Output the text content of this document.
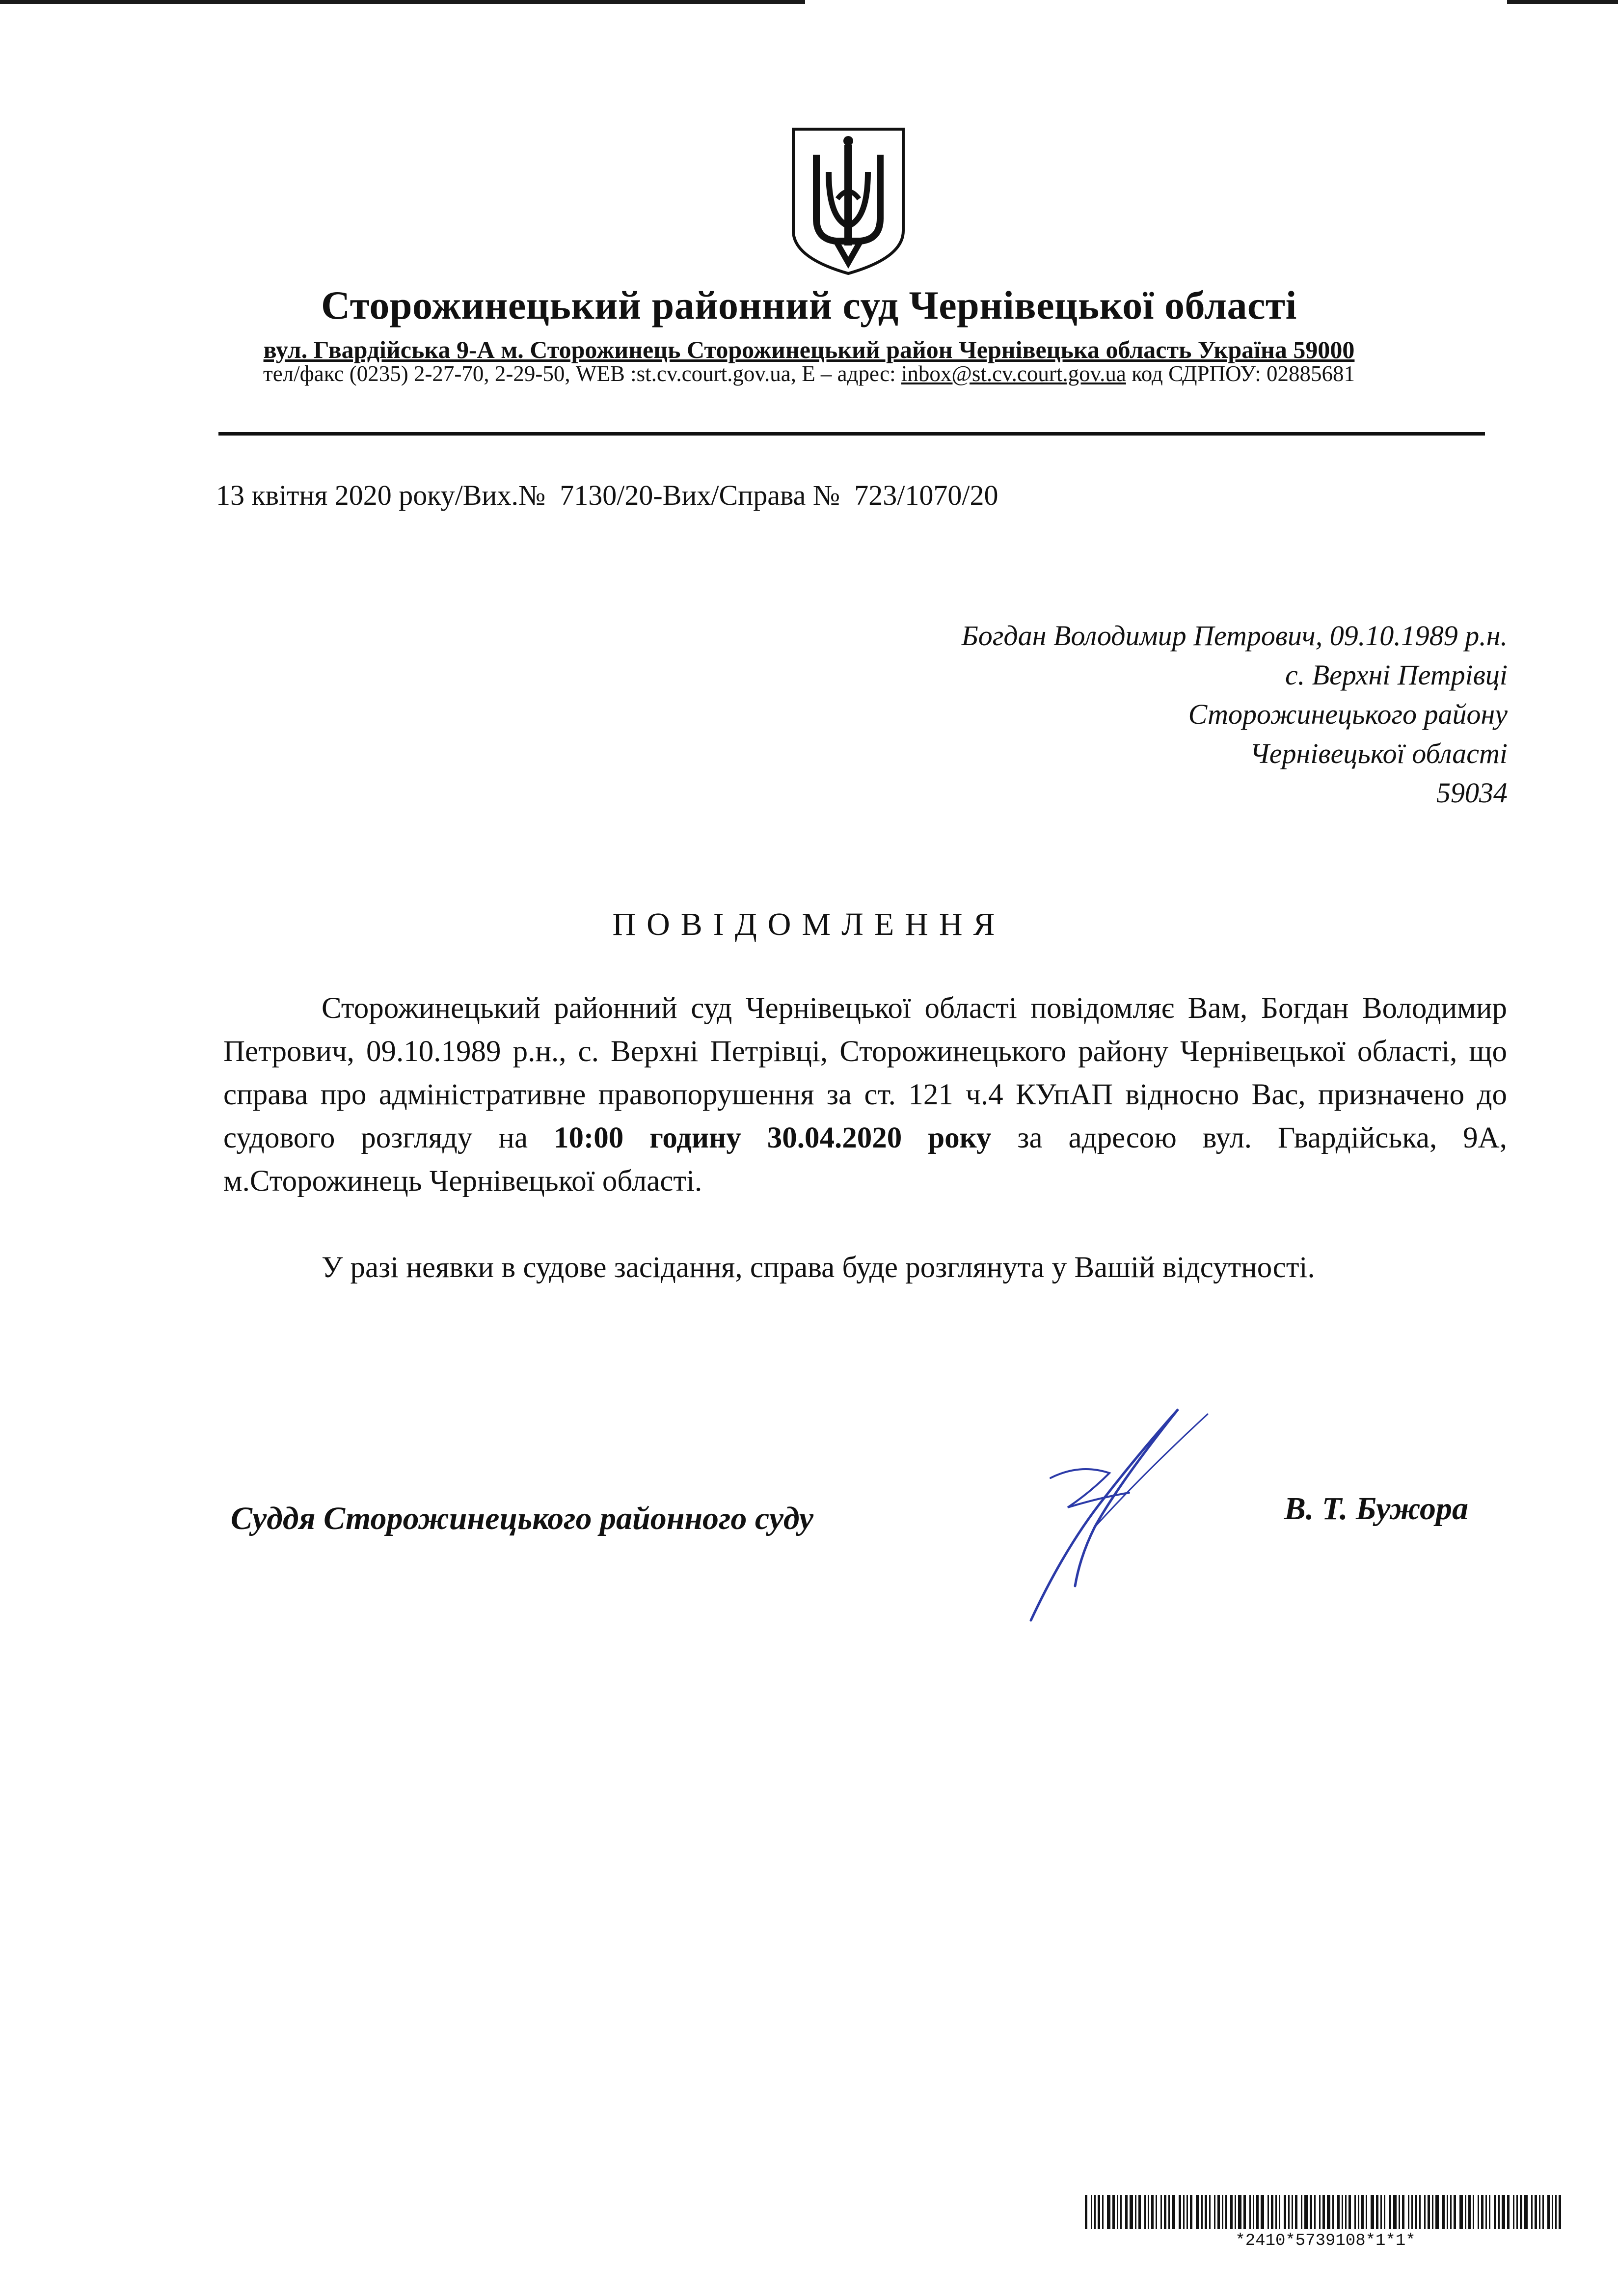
Сторожинецький районний суд Чернівецької області
вул. Гвардійська 9-А м. Сторожинець Сторожинецький район Чернівецька область Україна 59000
тел/факс (0235) 2-27-70, 2-29-50, WEB :st.cv.court.gov.ua, E – адрес: inbox@st.cv.court.gov.ua код СДРПОУ: 02885681
13 квітня 2020 року/Вих.№  7130/20-Вих/Справа №  723/1070/20
Богдан Володимир Петрович, 09.10.1989 р.н.
с. Верхні Петрівці
Сторожинецького району
Чернівецької області
59034
ПОВІДОМЛЕННЯ

Сторожинецький районний суд Чернівецької області повідомляє Вам, Богдан Володимир Петрович, 09.10.1989 р.н., с. Верхні Петрівці, Сторожинецького району Чернівецької області, що справа про адміністративне правопорушення за ст. 121 ч.4 КУпАП відносно Вас, призначено до судового розгляду на 10:00 годину 30.04.2020 року за адресою вул. Гвардійська, 9А, м.Сторожинець Чернівецької області.

У разі неявки в судове засідання, справа буде розглянута у Вашій відсутності.

Суддя Сторожинецького районного суду	В. Т. Бужора
*2410*5739108*1*1*
